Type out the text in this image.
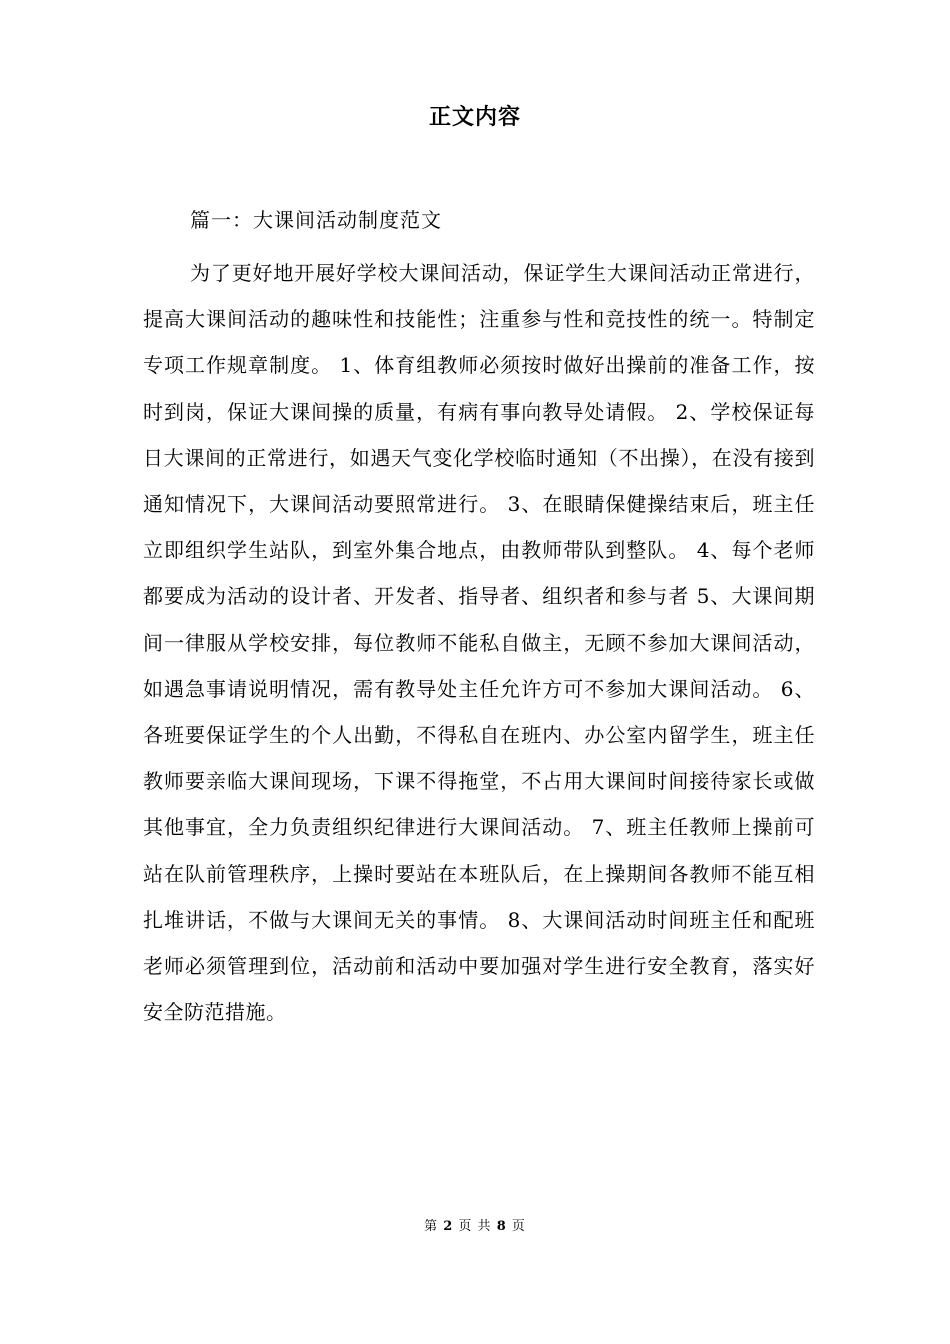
正文内容
篇一：大课间活动制度范文

为了更好地开展好学校大课间活动，保证学生大课间活动正常进行，提高大课间活动的趣味性和技能性；注重参与性和竞技性的统一。特制定专项工作规章制度。 1、体育组教师必须按时做好出操前的准备工作，按时到岗，保证大课间操的质量，有病有事向教导处请假。 2、学校保证每日大课间的正常进行，如遇天气变化学校临时通知（不出操），在没有接到通知情况下，大课间活动要照常进行。 3、在眼睛保健操结束后，班主任立即组织学生站队，到室外集合地点，由教师带队到整队。 4、每个老师都要成为活动的设计者、开发者、指导者、组织者和参与者 5、大课间期间一律服从学校安排，每位教师不能私自做主，无顾不参加大课间活动，如遇急事请说明情况，需有教导处主任允许方可不参加大课间活动。 6、各班要保证学生的个人出勤，不得私自在班内、办公室内留学生，班主任教师要亲临大课间现场，下课不得拖堂，不占用大课间时间接待家长或做其他事宜，全力负责组织纪律进行大课间活动。 7、班主任教师上操前可站在队前管理秩序，上操时要站在本班队后，在上操期间各教师不能互相扎堆讲话，不做与大课间无关的事情。 8、大课间活动时间班主任和配班老师必须管理到位，活动前和活动中要加强对学生进行安全教育，落实好安全防范措施。

第 2 页 共 8 页
